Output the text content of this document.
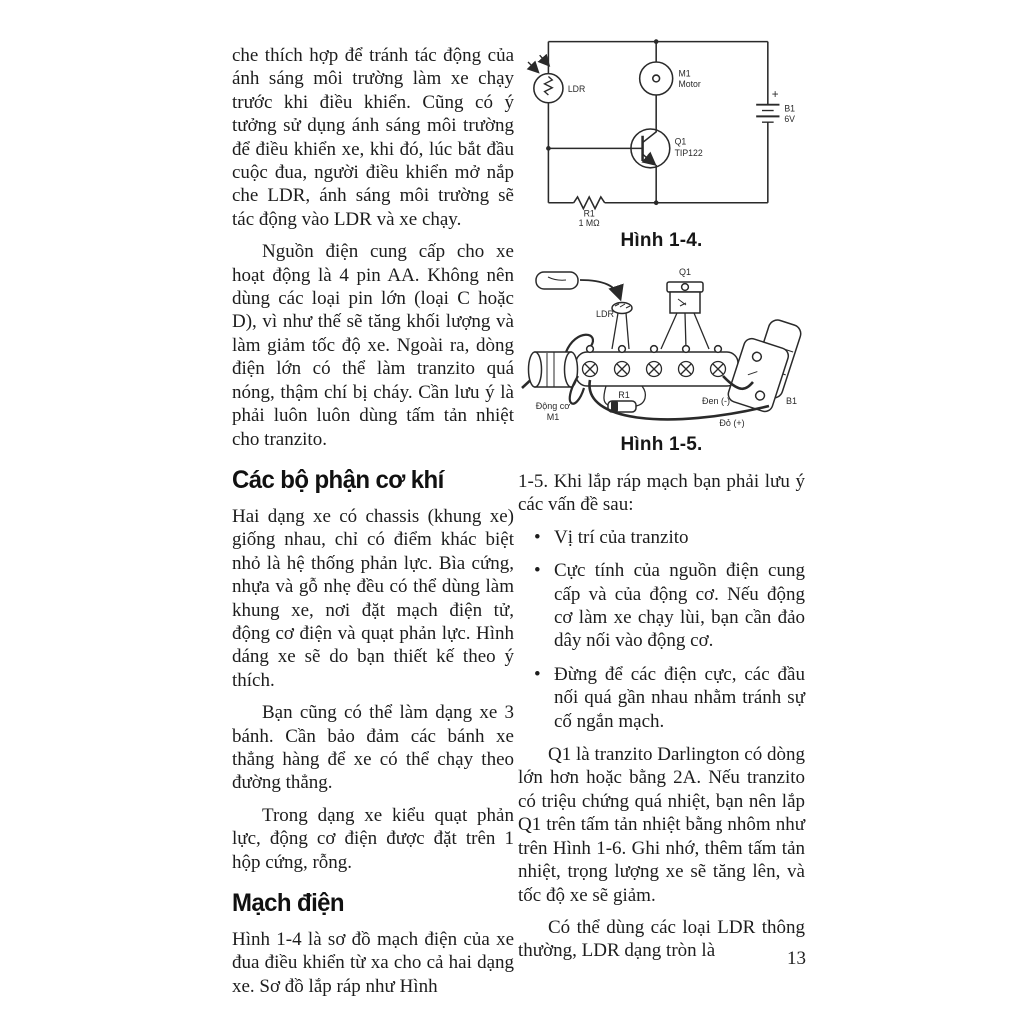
che thích hợp để tránh tác động của ánh sáng môi trường làm xe chạy trước khi điều khiển. Cũng có ý tưởng sử dụng ánh sáng môi trường để điều khiển xe, khi đó, lúc bắt đầu cuộc đua, người điều khiển mở nắp che LDR, ánh sáng môi trường sẽ tác động vào LDR và xe chạy.

Nguồn điện cung cấp cho xe hoạt động là 4 pin AA. Không nên dùng các loại pin lớn (loại C hoặc D), vì như thế sẽ tăng khối lượng và làm giảm tốc độ xe. Ngoài ra, dòng điện lớn có thể làm tranzito quá nóng, thậm chí bị cháy. Cần lưu ý là phải luôn luôn dùng tấm tản nhiệt cho tranzito.

Các bộ phận cơ khí

Hai dạng xe có chassis (khung xe) giống nhau, chỉ có điểm khác biệt nhỏ là hệ thống phản lực. Bìa cứng, nhựa và gỗ nhẹ đều có thể dùng làm khung xe, nơi đặt mạch điện tử, động cơ điện và quạt phản lực. Hình dáng xe sẽ do bạn thiết kế theo ý thích.

Bạn cũng có thể làm dạng xe 3 bánh. Cần bảo đảm các bánh xe thẳng hàng để xe có thể chạy theo đường thẳng.

Trong dạng xe kiểu quạt phản lực, động cơ điện được đặt trên 1 hộp cứng, rỗng.

Mạch điện

Hình 1-4 là sơ đồ mạch điện của xe đua điều khiển từ xa cho cả hai dạng xe. Sơ đồ lắp ráp như Hình

LDR
M1
Motor
Q1
TIP122
R1
1 MΩ
+
B1
6V
Hình 1-4.
LDR
Q1
Động cơ
M1
R1
Đen (-)
Đỏ (+)
B1
Hình 1-5.

1-5. Khi lắp ráp mạch bạn phải lưu ý các vấn đề sau:

• Vị trí của tranzito
• Cực tính của nguồn điện cung cấp và của động cơ. Nếu động cơ làm xe chạy lùi, bạn cần đảo dây nối vào động cơ.
• Đừng để các điện cực, các đầu nối quá gần nhau nhằm tránh sự cố ngắn mạch.

Q1 là tranzito Darlington có dòng lớn hơn hoặc bằng 2A. Nếu tranzito có triệu chứng quá nhiệt, bạn nên lắp Q1 trên tấm tản nhiệt bằng nhôm như trên Hình 1-6. Ghi nhớ, thêm tấm tản nhiệt, trọng lượng xe sẽ tăng lên, và tốc độ xe sẽ giảm.

Có thể dùng các loại LDR thông thường, LDR dạng tròn là	13
